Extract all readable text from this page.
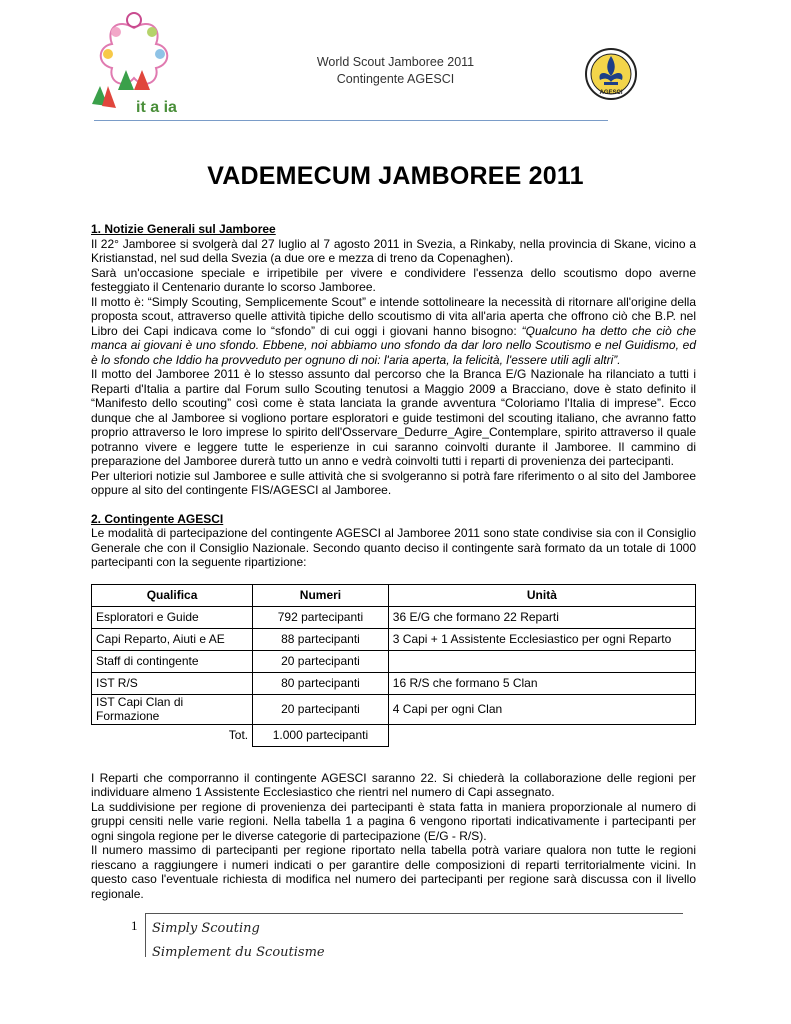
it a ia
World Scout Jamboree 2011
Contingente AGESCI
AGESCI
VADEMECUM JAMBOREE 2011

1. Notizie Generali sul Jamboree

Il 22° Jamboree si svolgerà dal 27 luglio al 7 agosto 2011 in Svezia, a Rinkaby, nella provincia di Skane, vicino a Kristianstad, nel sud della Svezia (a due ore e mezza di treno da Copenaghen).

Sarà un'occasione speciale e irripetibile per vivere e condividere l'essenza dello scoutismo dopo averne festeggiato il Centenario durante lo scorso Jamboree.

Il motto è: “Simply Scouting, Semplicemente Scout” e intende sottolineare la necessità di ritornare all'origine della proposta scout, attraverso quelle attività tipiche dello scoutismo di vita all'aria aperta che offrono ciò che B.P. nel Libro dei Capi indicava come lo “sfondo” di cui oggi i giovani hanno bisogno: “Qualcuno ha detto che ciò che manca ai giovani è uno sfondo. Ebbene, noi abbiamo uno sfondo da dar loro nello Scoutismo e nel Guidismo, ed è lo sfondo che Iddio ha provveduto per ognuno di noi: l'aria aperta, la felicità, l'essere utili agli altri”.

Il motto del Jamboree 2011 è lo stesso assunto dal percorso che la Branca E/G Nazionale ha rilanciato a tutti i Reparti d'Italia a partire dal Forum sullo Scouting tenutosi a Maggio 2009 a Bracciano, dove è stato definito il “Manifesto dello scouting” così come è stata lanciata la grande avventura “Coloriamo l'Italia di imprese”. Ecco dunque che al Jamboree si vogliono portare esploratori e guide testimoni del scouting italiano, che avranno fatto proprio attraverso le loro imprese lo spirito dell'Osservare_Dedurre_Agire_Contemplare, spirito attraverso il quale potranno vivere e leggere tutte le esperienze in cui saranno coinvolti durante il Jamboree. Il cammino di preparazione del Jamboree durerà tutto un anno e vedrà coinvolti tutti i reparti di provenienza dei partecipanti.

Per ulteriori notizie sul Jamboree e sulle attività che si svolgeranno si potrà fare riferimento o al sito del Jamboree oppure al sito del contingente FIS/AGESCI al Jamboree.

2. Contingente AGESCI

Le modalità di partecipazione del contingente AGESCI al Jamboree 2011 sono state condivise sia con il Consiglio Generale che con il Consiglio Nazionale. Secondo quanto deciso il contingente sarà formato da un totale di 1000 partecipanti con la seguente ripartizione:

Qualifica	Numeri	Unità
Esploratori e Guide	792 partecipanti	36 E/G che formano 22 Reparti
Capi Reparto, Aiuti e AE	88 partecipanti	3 Capi + 1 Assistente Ecclesiastico per ogni Reparto
Staff di contingente	20 partecipanti	
IST R/S	80 partecipanti	16 R/S che formano 5 Clan
IST Capi Clan di Formazione	20 partecipanti	4 Capi per ogni Clan
Tot.	1.000 partecipanti	

I Reparti che comporranno il contingente AGESCI saranno 22. Si chiederà la collaborazione delle regioni per individuare almeno 1 Assistente Ecclesiastico che rientri nel numero di Capi assegnato.

La suddivisione per regione di provenienza dei partecipanti è stata fatta in maniera proporzionale al numero di gruppi censiti nelle varie regioni. Nella tabella 1 a pagina 6 vengono riportati indicativamente i partecipanti per ogni singola regione per le diverse categorie di partecipazione (E/G - R/S).

Il numero massimo di partecipanti per regione riportato nella tabella potrà variare qualora non tutte le regioni riescano a raggiungere i numeri indicati o per garantire delle composizioni di reparti territorialmente vicini. In questo caso l'eventuale richiesta di modifica nel numero dei partecipanti per regione sarà discussa con il livello regionale.

1 Simply Scouting
Simplement du Scoutisme
